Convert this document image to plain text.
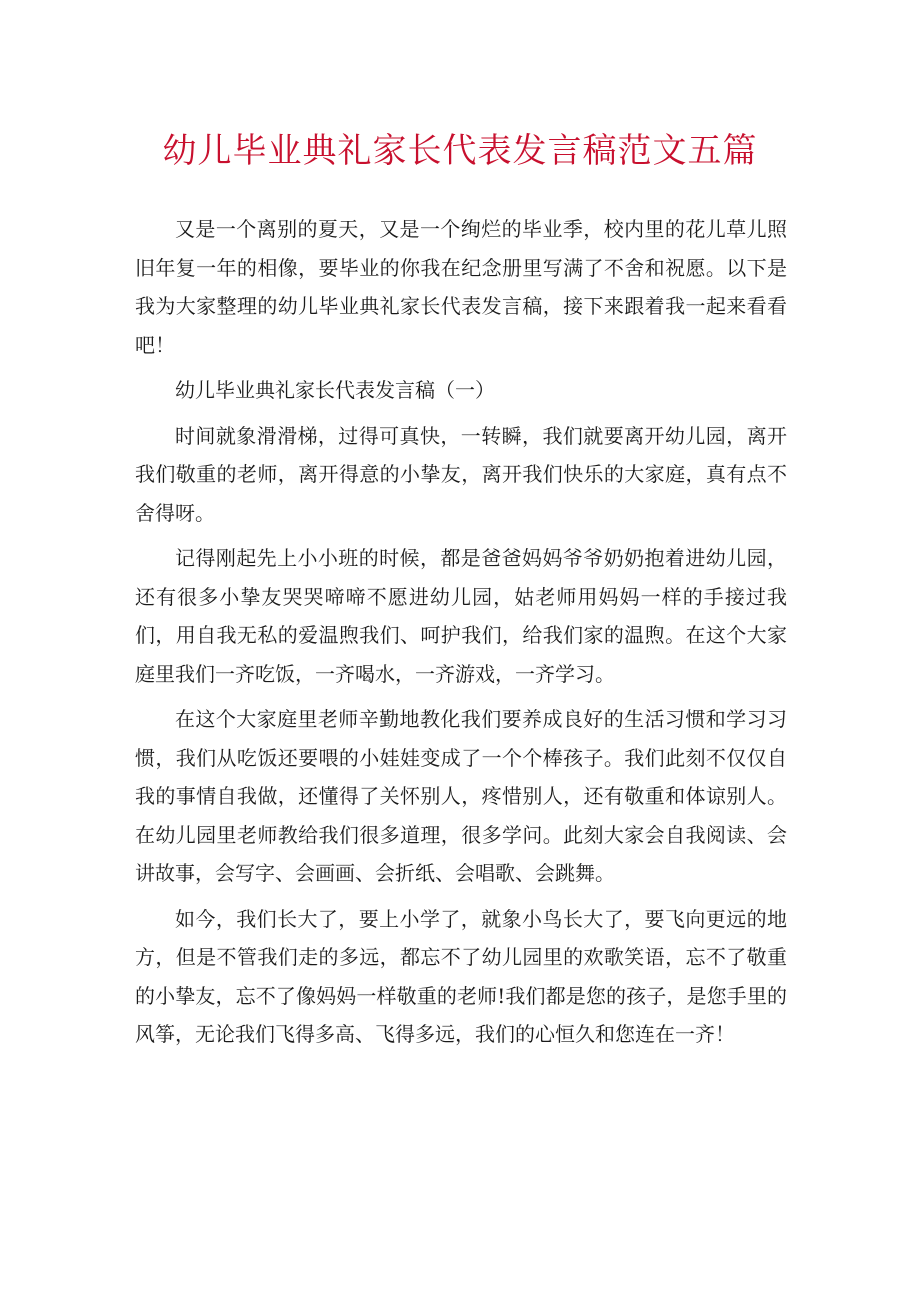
幼儿毕业典礼家长代表发言稿范文五篇

又是一个离别的夏天，又是一个绚烂的毕业季，校内里的花儿草儿照旧年复一年的相像，要毕业的你我在纪念册里写满了不舍和祝愿。以下是我为大家整理的幼儿毕业典礼家长代表发言稿，接下来跟着我一起来看看吧！

幼儿毕业典礼家长代表发言稿（一）

时间就象滑滑梯，过得可真快，一转瞬，我们就要离开幼儿园，离开我们敬重的老师，离开得意的小挚友，离开我们快乐的大家庭，真有点不舍得呀。

记得刚起先上小小班的时候，都是爸爸妈妈爷爷奶奶抱着进幼儿园，还有很多小挚友哭哭啼啼不愿进幼儿园，姑老师用妈妈一样的手接过我们，用自我无私的爱温煦我们、呵护我们，给我们家的温煦。在这个大家庭里我们一齐吃饭，一齐喝水，一齐游戏，一齐学习。

在这个大家庭里老师辛勤地教化我们要养成良好的生活习惯和学习习惯，我们从吃饭还要喂的小娃娃变成了一个个棒孩子。我们此刻不仅仅自我的事情自我做，还懂得了关怀别人，疼惜别人，还有敬重和体谅别人。在幼儿园里老师教给我们很多道理，很多学问。此刻大家会自我阅读、会讲故事，会写字、会画画、会折纸、会唱歌、会跳舞。

如今，我们长大了，要上小学了，就象小鸟长大了，要飞向更远的地方，但是不管我们走的多远，都忘不了幼儿园里的欢歌笑语，忘不了敬重的小挚友，忘不了像妈妈一样敬重的老师!我们都是您的孩子，是您手里的风筝，无论我们飞得多高、飞得多远，我们的心恒久和您连在一齐！
